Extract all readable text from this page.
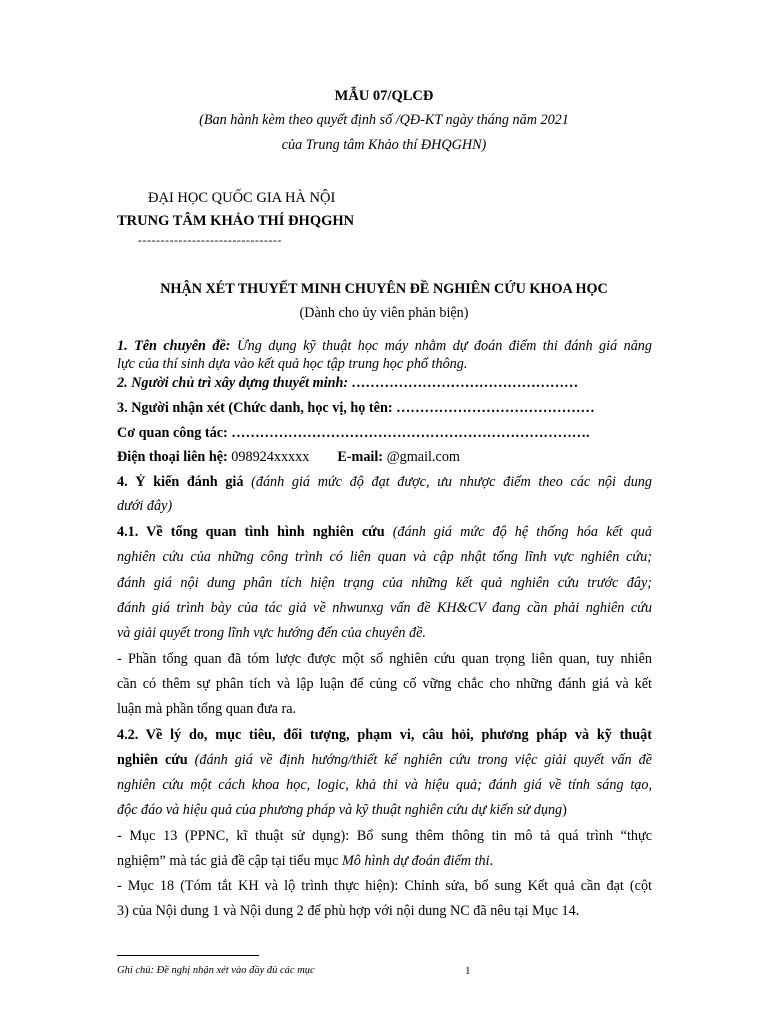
MẪU 07/QLCĐ
(Ban hành kèm theo quyết định số /QĐ-KT ngày tháng năm 2021
của Trung tâm Khảo thí ĐHQGHN)
ĐẠI HỌC QUỐC GIA HÀ NỘI
TRUNG TÂM KHẢO THÍ ĐHQGHN
--------------------------------
NHẬN XÉT THUYẾT MINH CHUYÊN ĐỀ NGHIÊN CỨU KHOA HỌC
(Dành cho ủy viên phản biện)
1. Tên chuyên đề: Ứng dụng kỹ thuật học máy nhằm dự đoán điểm thi đánh giá năng
lực của thí sinh dựa vào kết quả học tập trung học phổ thông.
2. Người chủ trì xây dựng thuyết minh: …………………………………………
3. Người nhận xét (Chức danh, học vị, họ tên: ……………………………………
Cơ quan công tác: ………………………………………………………………….
Điện thoại liên hệ: 098924xxxxx E-mail: @gmail.com
4. Ý kiến đánh giá (đánh giá mức độ đạt được, ưu nhược điểm theo các nội dung
dưới đây)
4.1. Về tổng quan tình hình nghiên cứu (đánh giá mức độ hệ thống hóa kết quả
nghiên cứu của những công trình có liên quan và cập nhật tổng lĩnh vực nghiên cứu;
đánh giá nội dung phân tích hiện trạng của những kết quả nghiên cứu trước đây;
đánh giá trình bày của tác giả về nhwunxg vấn đề KH&CV đang cần phải nghiên cứu
và giải quyết trong lĩnh vực hướng đến của chuyên đề.
- Phần tổng quan đã tóm lược được một số nghiên cứu quan trọng liên quan, tuy nhiên
cần có thêm sự phân tích và lập luận để củng cố vững chắc cho những đánh giá và kết
luận mà phần tổng quan đưa ra.
4.2. Về lý do, mục tiêu, đối tượng, phạm vi, câu hỏi, phương pháp và kỹ thuật
nghiên cứu (đánh giá về định hướng/thiết kế nghiên cứu trong việc giải quyết vấn đề
nghiên cứu một cách khoa học, logic, khả thi và hiệu quả; đánh giá về tính sáng tạo,
độc đáo và hiệu quả của phương pháp và kỹ thuật nghiên cứu dự kiến sử dụng)
- Mục 13 (PPNC, kĩ thuật sử dụng): Bổ sung thêm thông tin mô tả quá trình “thực
nghiệm” mà tác giả đề cập tại tiểu mục Mô hình dự đoán điểm thi.
- Mục 18 (Tóm tắt KH và lộ trình thực hiện): Chỉnh sửa, bổ sung Kết quả cần đạt (cột
3) của Nội dung 1 và Nội dung 2 để phù hợp với nội dung NC đã nêu tại Mục 14.
Ghi chú: Đề nghị nhận xét vào đầy đủ các mục	1
